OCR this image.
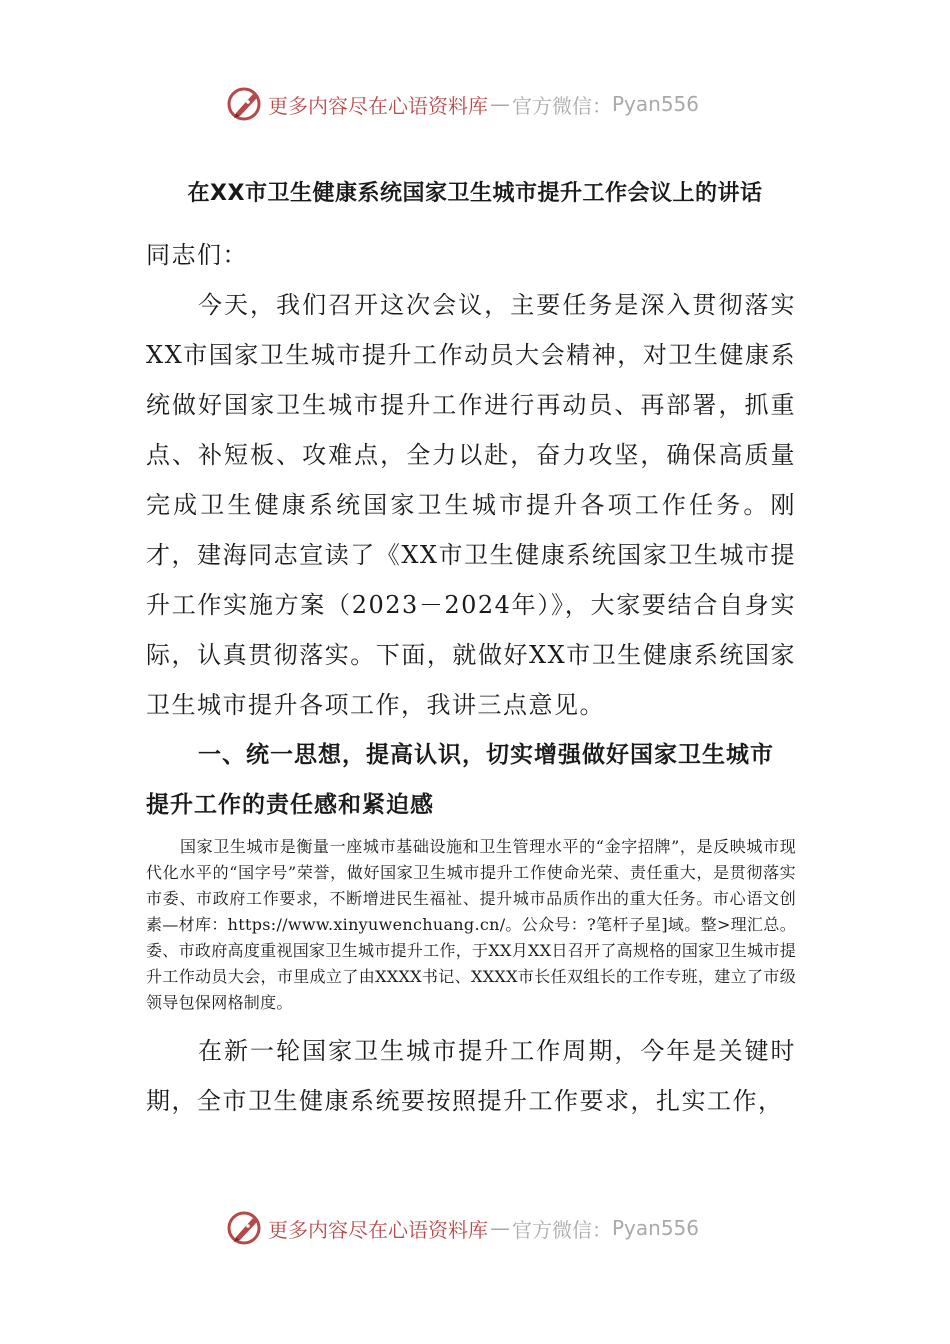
更多内容尽在心语资料库 — 官方微信： Pyan556
在XX市卫生健康系统国家卫生城市提升工作会议上的讲话

同志们：

今天，我们召开这次会议，主要任务是深入贯彻落实XX市国家卫生城市提升工作动员大会精神，对卫生健康系统做好国家卫生城市提升工作进行再动员、再部署，抓重点、补短板、攻难点，全力以赴，奋力攻坚，确保高质量完成卫生健康系统国家卫生城市提升各项工作任务。刚才，建海同志宣读了《XX市卫生健康系统国家卫生城市提升工作实施方案（2023－2024年）》，大家要结合自身实际，认真贯彻落实。下面，就做好XX市卫生健康系统国家卫生城市提升各项工作，我讲三点意见。

一、统一思想，提高认识，切实增强做好国家卫生城市提升工作的责任感和紧迫感

国家卫生城市是衡量一座城市基础设施和卫生管理水平的“金字招牌”，是反映城市现代化水平的“国字号”荣誉，做好国家卫生城市提升工作使命光荣、责任重大，是贯彻落实市委、市政府工作要求，不断增进民生福祉、提升城市品质作出的重大任务。市心语文创素—材库：https://www.xinyuwenchuang.cn/。公众号：?笔杆子星]域。整>理汇总。委、市政府高度重视国家卫生城市提升工作，于XX月XX日召开了高规格的国家卫生城市提升工作动员大会，市里成立了由XXXX书记、XXXX市长任双组长的工作专班，建立了市级领导包保网格制度。

在新一轮国家卫生城市提升工作周期，今年是关键时期，全市卫生健康系统要按照提升工作要求，扎实工作，

更多内容尽在心语资料库 — 官方微信： Pyan556
